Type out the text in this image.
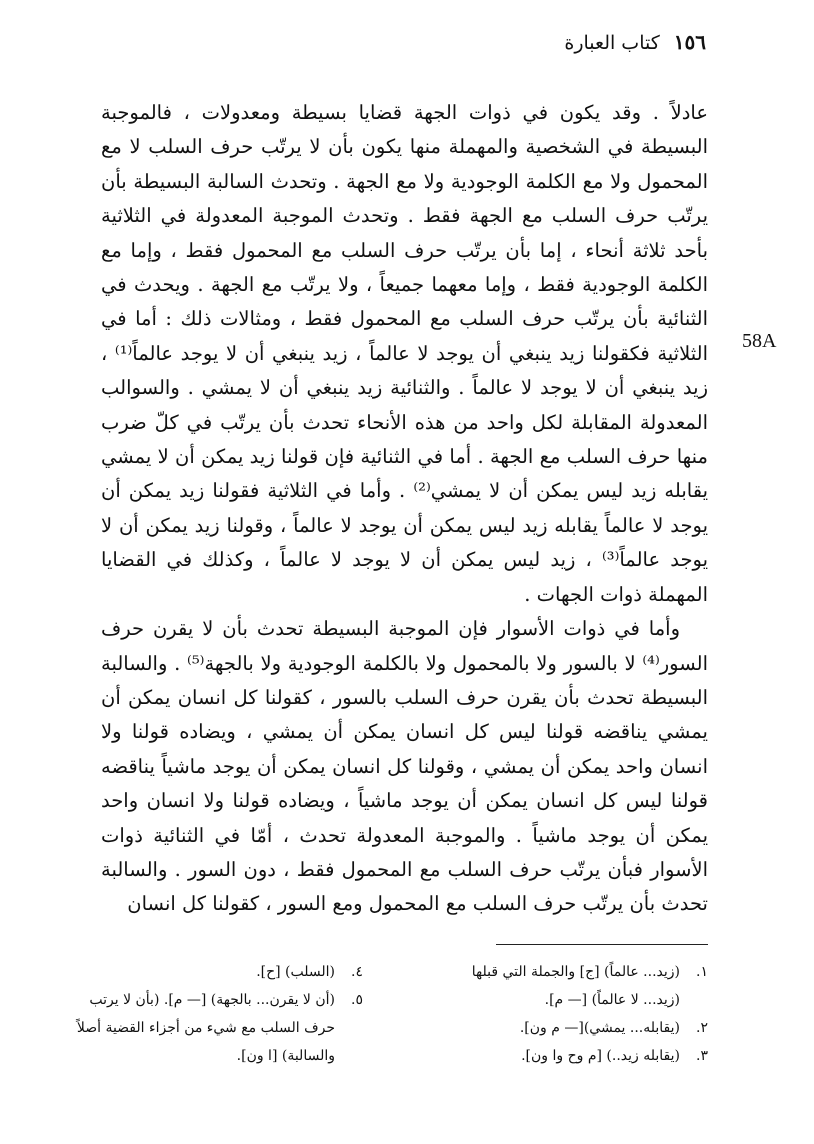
١٥٦
كتاب العبارة
58A

عادلاً . وقد يكون في ذوات الجهة قضايا بسيطة ومعدولات ، فالموجبة البسيطة في الشخصية والمهملة منها يكون بأن لا يرتّب حرف السلب لا مع المحمول ولا مع الكلمة الوجودية ولا مع الجهة . وتحدث السالبة البسيطة بأن يرتّب حرف السلب مع الجهة فقط . وتحدث الموجبة المعدولة في الثلاثية بأحد ثلاثة أنحاء ، إما بأن يرتّب حرف السلب مع المحمول فقط ، وإما مع الكلمة الوجودية فقط ، وإما معهما جميعاً ، ولا يرتّب مع الجهة . ويحدث في الثنائية بأن يرتّب حرف السلب مع المحمول فقط ، ومثالات ذلك : أما في الثلاثية فكقولنا زيد ينبغي أن يوجد لا عالماً ، زيد ينبغي أن لا يوجد عالماً⁽¹⁾ ، زيد ينبغي أن لا يوجد لا عالماً . والثنائية زيد ينبغي أن لا يمشي . والسوالب المعدولة المقابلة لكل واحد من هذه الأنحاء تحدث بأن يرتّب في كلّ ضرب منها حرف السلب مع الجهة . أما في الثنائية فإن قولنا زيد يمكن أن لا يمشي يقابله زيد ليس يمكن أن لا يمشي⁽²⁾ . وأما في الثلاثية فقولنا زيد يمكن أن يوجد لا عالماً يقابله زيد ليس يمكن أن يوجد لا عالماً ، وقولنا زيد يمكن أن لا يوجد عالماً⁽³⁾ ، زيد ليس يمكن أن لا يوجد لا عالماً ، وكذلك في القضايا المهملة ذوات الجهات .

وأما في ذوات الأسوار فإن الموجبة البسيطة تحدث بأن لا يقرن حرف السور⁽⁴⁾ لا بالسور ولا بالمحمول ولا بالكلمة الوجودية ولا بالجهة⁽⁵⁾ . والسالبة البسيطة تحدث بأن يقرن حرف السلب بالسور ، كقولنا كل انسان يمكن أن يمشي يناقضه قولنا ليس كل انسان يمكن أن يمشي ، ويضاده قولنا ولا انسان واحد يمكن أن يمشي ، وقولنا كل انسان يمكن أن يوجد ماشياً يناقضه قولنا ليس كل انسان يمكن أن يوجد ماشياً ، ويضاده قولنا ولا انسان واحد يمكن أن يوجد ماشياً . والموجبة المعدولة تحدث ، أمّا في الثنائية ذوات الأسوار فبأن يرتّب حرف السلب مع المحمول فقط ، دون السور . والسالبة تحدث بأن يرتّب حرف السلب مع المحمول ومع السور ، كقولنا كل انسان

١.
(زيد... عالماً) [ج] والجملة التي قبلها
(زيد... لا عالماً) [— م].
٢.
(يقابله... يمشي)[— م ون].
٣.
(يقابله زيد..) [م وح وا ون].
٤.
(السلب) [ح].
٥.
(أن لا يقرن... بالجهة) [— م]. (بأن لا يرتب
حرف السلب مع شيء من أجزاء القضية أصلاً
والسالبة) [ا ون].
